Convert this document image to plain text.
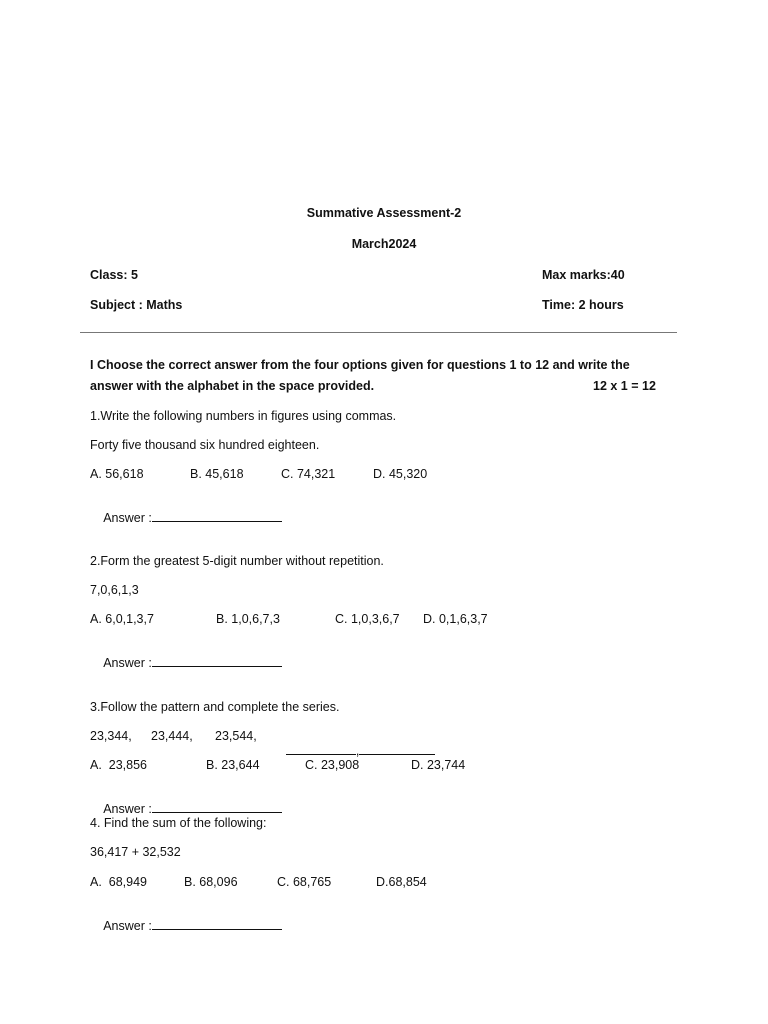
Summative Assessment-2
March2024
Class: 5	Max marks:40
Subject : Maths	Time: 2 hours
I Choose the correct answer from the four options given for questions 1 to 12 and write the
answer with the alphabet in the space provided.	12 x 1 = 12
1.Write the following numbers in figures using commas.
Forty five thousand six hundred eighteen.
A. 56,618	B. 45,618	C. 74,321	D. 45,320

Answer :

2.Form the greatest 5-digit number without repetition.
7,0,6,1,3
A. 6,0,1,3,7	B. 1,0,6,7,3	C. 1,0,3,6,7 D. 0,1,6,3,7

Answer :

3.Follow the pattern and complete the series.
23,344, 23,444, 23,544,

,

A.  23,856	B. 23,644	C. 23,908	D. 23,744

Answer :

4. Find the sum of the following:
36,417 + 32,532
A.  68,949	B. 68,096	C. 68,765	D.68,854

Answer :
